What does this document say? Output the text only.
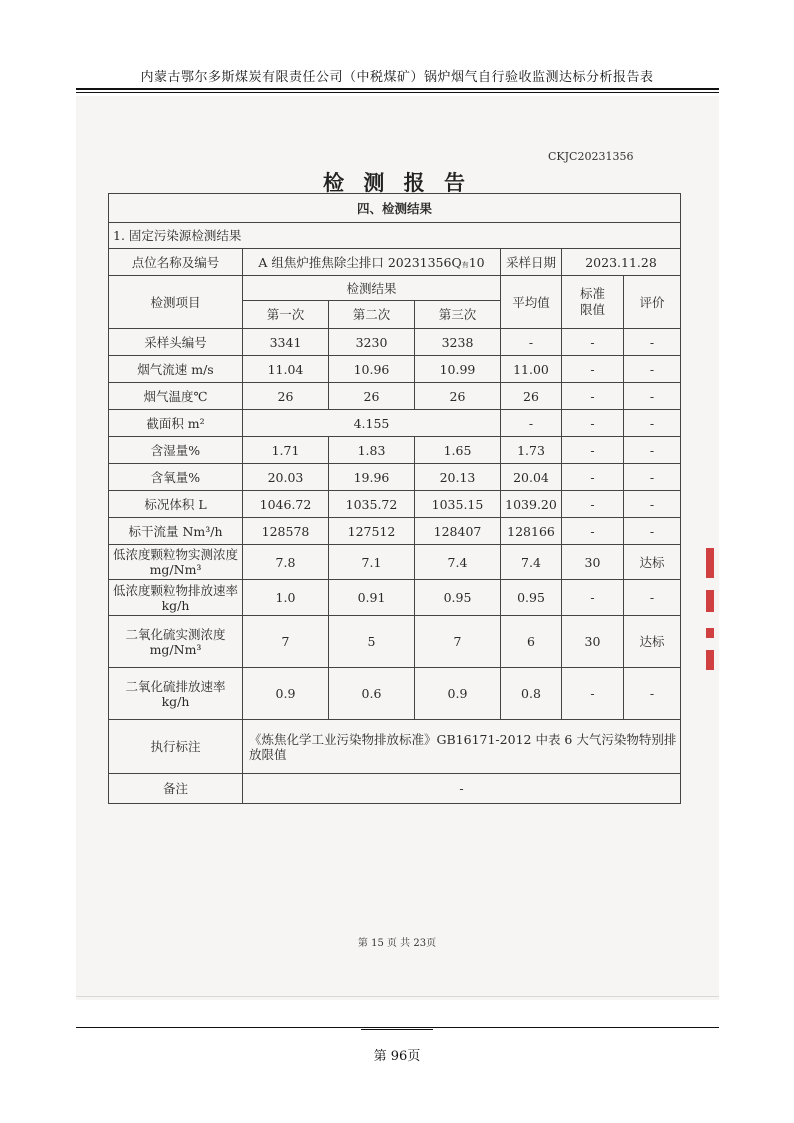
内蒙古鄂尔多斯煤炭有限责任公司（中税煤矿）锅炉烟气自行验收监测达标分析报告表
CKJC20231356
检 测 报 告
四、检测结果						
1. 固定污染源检测结果						
点位名称及编号	A 组焦炉推焦除尘排口 20231356Q有10			采样日期	2023.11.28	
检测项目	检测结果			平均值	标准限值	评价
	第一次	第二次	第三次			
采样头编号	3341	3230	3238	-	-	-
烟气流速 m/s	11.04	10.96	10.99	11.00	-	-
烟气温度℃	26	26	26	26	-	-
截面积 m²	4.155			-	-	-
含湿量%	1.71	1.83	1.65	1.73	-	-
含氧量%	20.03	19.96	20.13	20.04	-	-
标况体积 L	1046.72	1035.72	1035.15	1039.20	-	-
标干流量 Nm³/h	128578	127512	128407	128166	-	-
低浓度颗粒物实测浓度 mg/Nm³	7.8	7.1	7.4	7.4	30	达标
低浓度颗粒物排放速率 kg/h	1.0	0.91	0.95	0.95	-	-
二氧化硫实测浓度 mg/Nm³	7	5	7	6	30	达标
二氧化硫排放速率 kg/h	0.9	0.6	0.9	0.8	-	-
执行标注	《炼焦化学工业污染物排放标准》GB16171-2012 中表 6 大气污染物特别排放限值					
备注	-					
第 15 页 共 23页
第 96页
